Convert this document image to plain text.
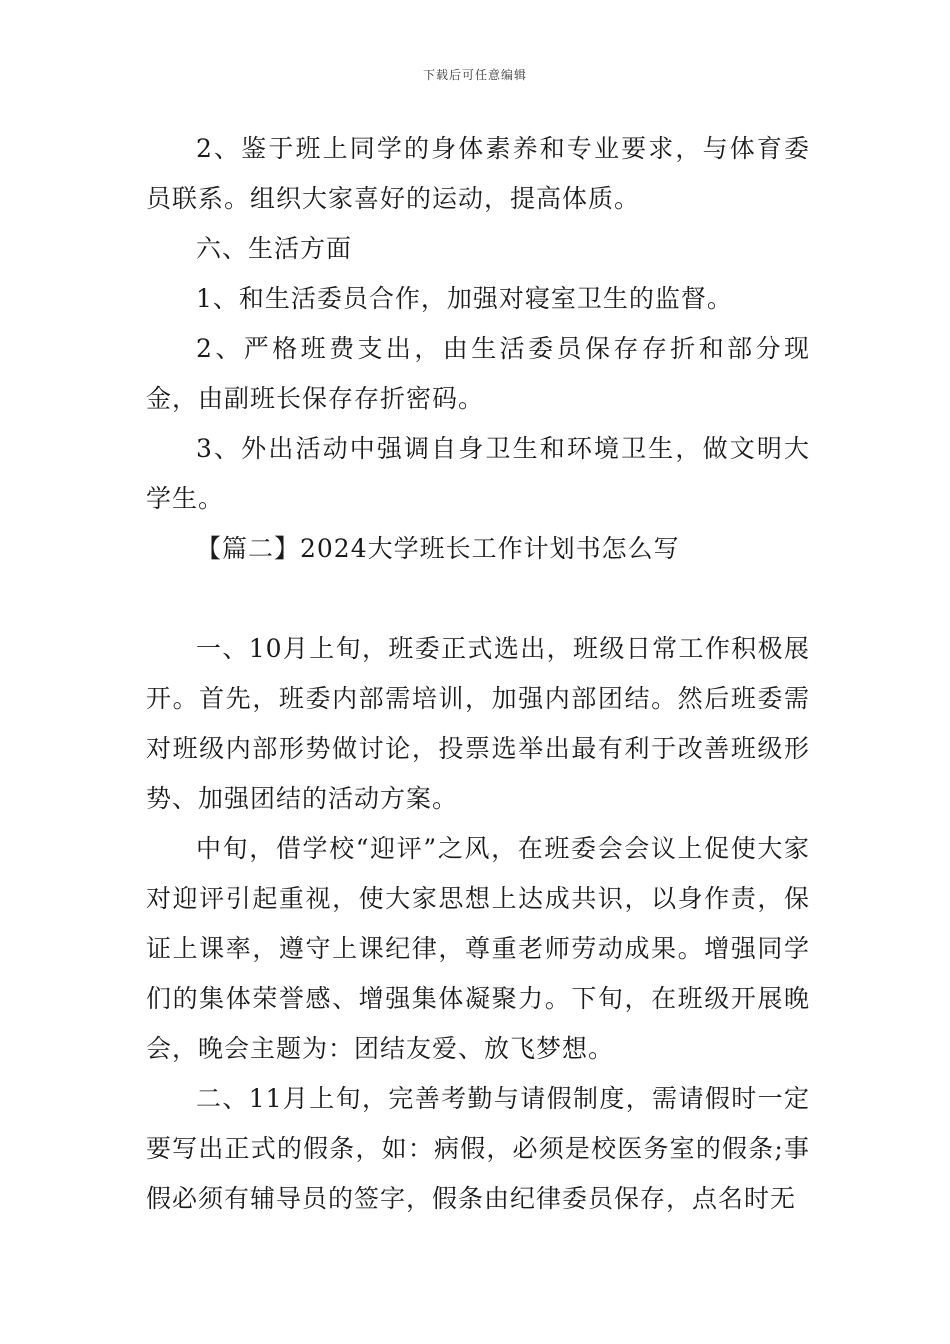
下载后可任意编辑

2、鉴于班上同学的身体素养和专业要求，与体育委员联系。组织大家喜好的运动，提高体质。

六、生活方面

1、和生活委员合作，加强对寝室卫生的监督。

2、严格班费支出，由生活委员保存存折和部分现金，由副班长保存存折密码。

3、外出活动中强调自身卫生和环境卫生，做文明大学生。

【篇二】2024大学班长工作计划书怎么写

一、10月上旬，班委正式选出，班级日常工作积极展开。首先，班委内部需培训，加强内部团结。然后班委需对班级内部形势做讨论，投票选举出最有利于改善班级形势、加强团结的活动方案。

中旬，借学校“迎评”之风，在班委会会议上促使大家对迎评引起重视，使大家思想上达成共识，以身作责，保证上课率，遵守上课纪律，尊重老师劳动成果。增强同学们的集体荣誉感、增强集体凝聚力。下旬，在班级开展晚会，晚会主题为：团结友爱、放飞梦想。

二、11月上旬，完善考勤与请假制度，需请假时一定要写出正式的假条，如：病假，必须是校医务室的假条;事假必须有辅导员的签字，假条由纪律委员保存，点名时无
